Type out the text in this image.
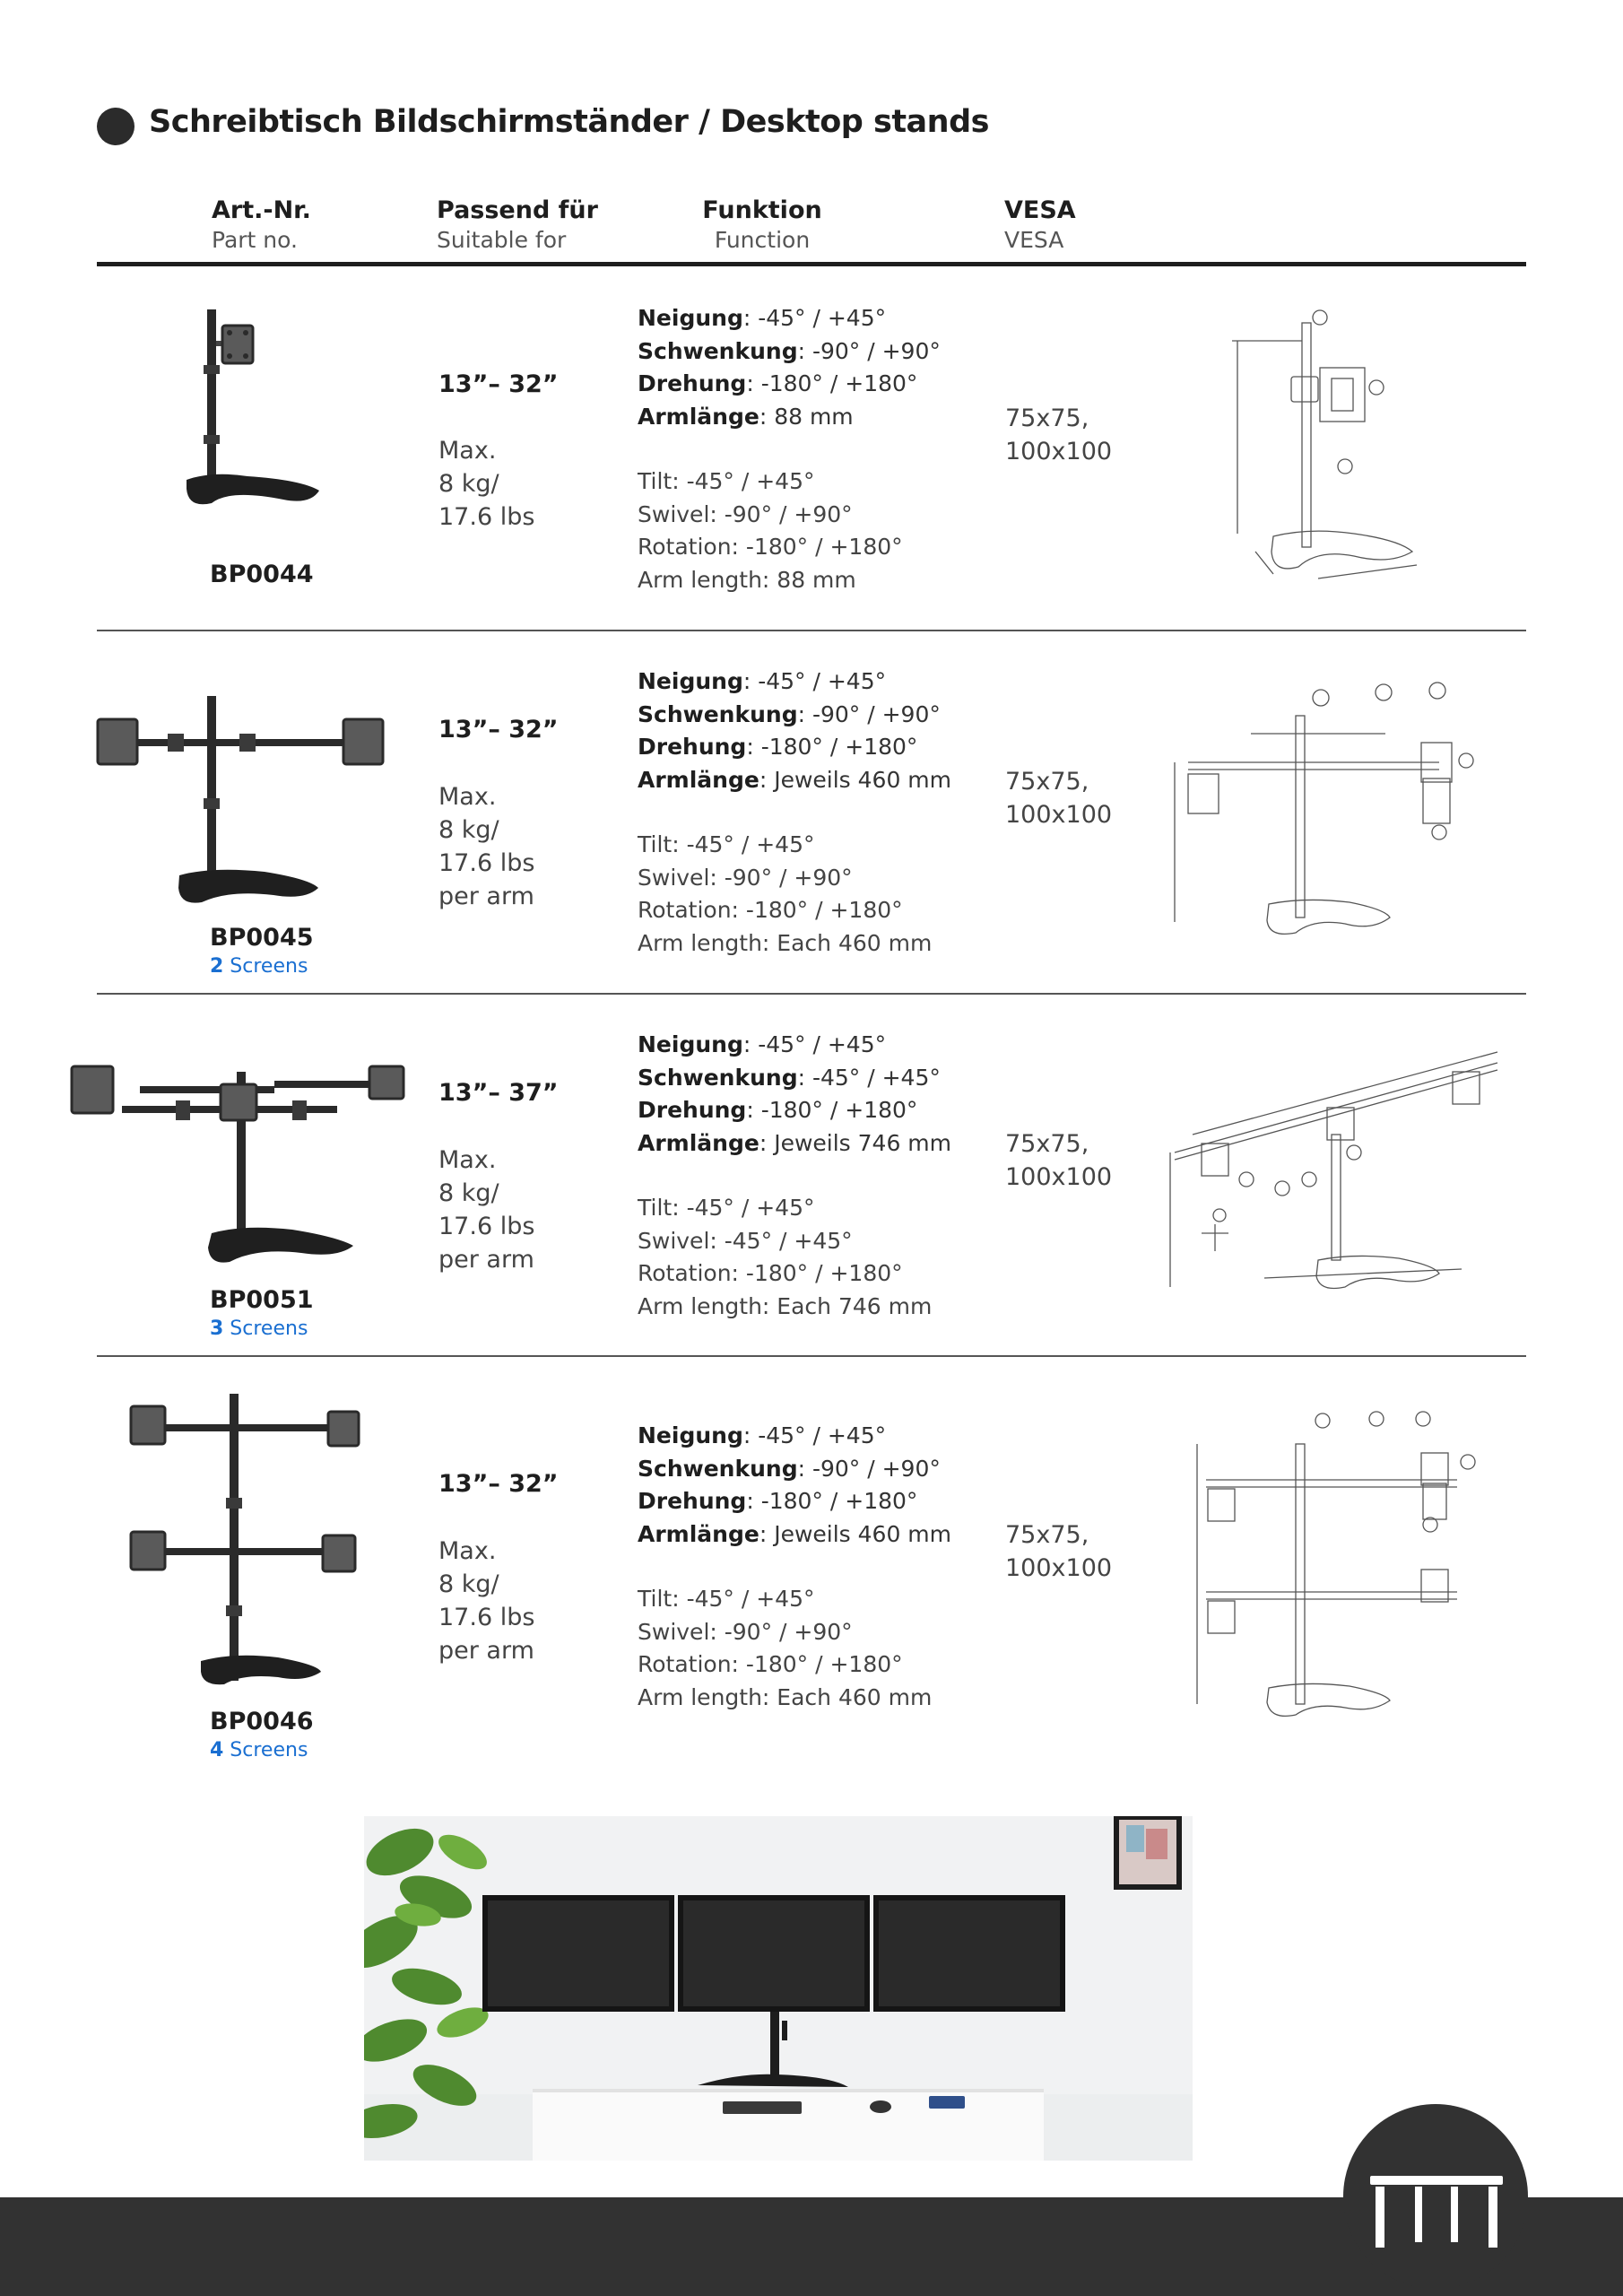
Schreibtisch Bildschirmständer / Desktop stands
Art.-Nr.
Part no.
Passend für
Suitable for
Funktion
Function
VESA
VESA
BP0044
13”– 32”
Max.
8 kg/
17.6 lbs
Neigung: -45° / +45°
Schwenkung: -90° / +90°
Drehung: -180° / +180°
Armlänge: 88 mm
Tilt: -45° / +45°
Swivel: -90° / +90°
Rotation: -180° / +180°
Arm length: 88 mm
75x75,
100x100
BP0045
2 Screens
13”– 32”
Max.
8 kg/
17.6 lbs
per arm
Neigung: -45° / +45°
Schwenkung: -90° / +90°
Drehung: -180° / +180°
Armlänge: Jeweils 460 mm
Tilt: -45° / +45°
Swivel: -90° / +90°
Rotation: -180° / +180°
Arm length: Each 460 mm
75x75,
100x100
BP0051
3 Screens
13”– 37”
Max.
8 kg/
17.6 lbs
per arm
Neigung: -45° / +45°
Schwenkung: -45° / +45°
Drehung: -180° / +180°
Armlänge: Jeweils 746 mm
Tilt: -45° / +45°
Swivel: -45° / +45°
Rotation: -180° / +180°
Arm length: Each 746 mm
75x75,
100x100
BP0046
4 Screens
13”– 32”
Max.
8 kg/
17.6 lbs
per arm
Neigung: -45° / +45°
Schwenkung: -90° / +90°
Drehung: -180° / +180°
Armlänge: Jeweils 460 mm
Tilt: -45° / +45°
Swivel: -90° / +90°
Rotation: -180° / +180°
Arm length: Each 460 mm
75x75,
100x100
